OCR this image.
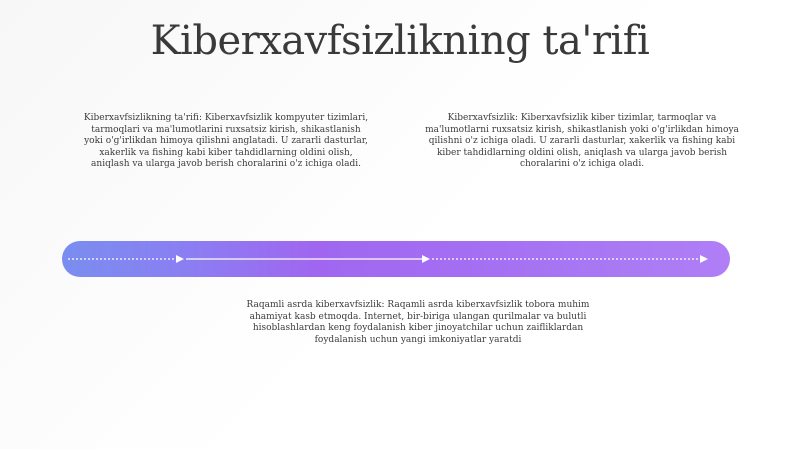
Kiberxavfsizlikning ta'rifi

Kiberxavfsizlikning ta'rifi: Kiberxavfsizlik kompyuter tizimlari, tarmoqlari va ma'lumotlarini ruxsatsiz kirish, shikastlanish yoki o'g'irlikdan himoya qilishni anglatadi. U zararli dasturlar, xakerlik va fishing kabi kiber tahdidlarning oldini olish, aniqlash va ularga javob berish choralarini o'z ichiga oladi.

Kiberxavfsizlik: Kiberxavfsizlik kiber tizimlar, tarmoqlar va ma'lumotlarni ruxsatsiz kirish, shikastlanish yoki o'g'irlikdan himoya qilishni o'z ichiga oladi. U zararli dasturlar, xakerlik va fishing kabi kiber tahdidlarning oldini olish, aniqlash va ularga javob berish choralarini o'z ichiga oladi.

Raqamli asrda kiberxavfsizlik: Raqamli asrda kiberxavfsizlik tobora muhim ahamiyat kasb etmoqda. Internet, bir-biriga ulangan qurilmalar va bulutli hisoblashlardan keng foydalanish kiber jinoyatchilar uchun zaifliklardan foydalanish uchun yangi imkoniyatlar yaratdi
